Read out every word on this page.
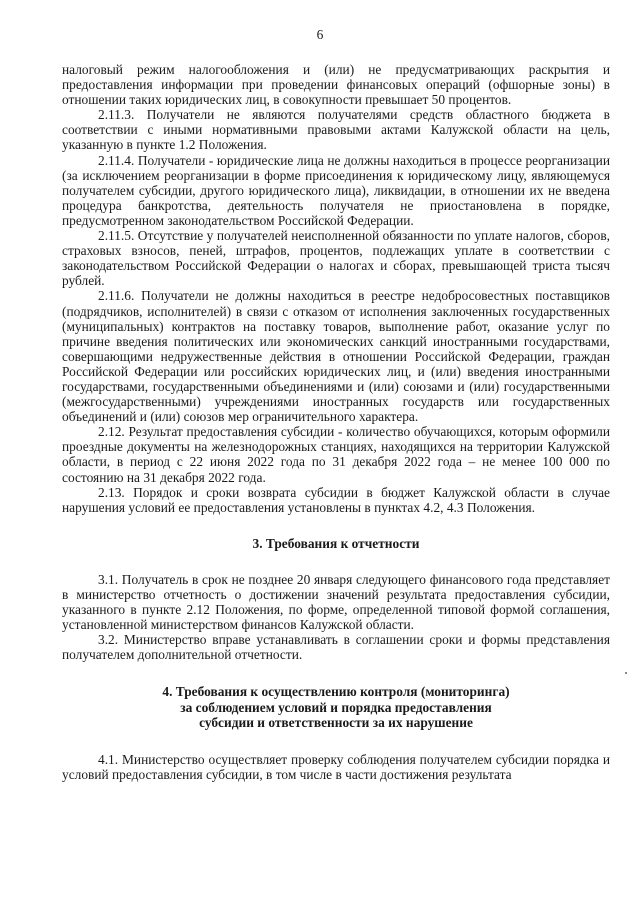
6

налоговый режим налогообложения и (или) не предусматривающих раскрытия и предоставления информации при проведении финансовых операций (офшорные зоны) в отношении таких юридических лиц, в совокупности превышает 50 процентов.

2.11.3. Получатели не являются получателями средств областного бюджета в соответствии с иными нормативными правовыми актами Калужской области на цель, указанную в пункте 1.2 Положения.

2.11.4. Получатели - юридические лица не должны находиться в процессе реорганизации (за исключением реорганизации в форме присоединения к юридическому лицу, являющемуся получателем субсидии, другого юридического лица), ликвидации, в отношении их не введена процедура банкротства, деятельность получателя не приостановлена в порядке, предусмотренном законодательством Российской Федерации.

2.11.5. Отсутствие у получателей неисполненной обязанности по уплате налогов, сборов, страховых взносов, пеней, штрафов, процентов, подлежащих уплате в соответствии с законодательством Российской Федерации о налогах и сборах, превышающей триста тысяч рублей.

2.11.6. Получатели не должны находиться в реестре недобросовестных поставщиков (подрядчиков, исполнителей) в связи с отказом от исполнения заключенных государственных (муниципальных) контрактов на поставку товаров, выполнение работ, оказание услуг по причине введения политических или экономических санкций иностранными государствами, совершающими недружественные действия в отношении Российской Федерации, граждан Российской Федерации или российских юридических лиц, и (или) введения иностранными государствами, государственными объединениями и (или) союзами и (или) государственными (межгосударственными) учреждениями иностранных государств или государственных объединений и (или) союзов мер ограничительного характера.

2.12. Результат предоставления субсидии - количество обучающихся, которым оформили проездные документы на железнодорожных станциях, находящихся на территории Калужской области, в период с 22 июня 2022 года по 31 декабря 2022 года – не менее 100 000 по состоянию на 31 декабря 2022 года.

2.13. Порядок и сроки возврата субсидии в бюджет Калужской области в случае нарушения условий ее предоставления установлены в пунктах 4.2, 4.3 Положения.

3. Требования к отчетности

3.1. Получатель в срок не позднее 20 января следующего финансового года представляет в министерство отчетность о достижении значений результата предоставления субсидии, указанного в пункте 2.12 Положения, по форме, определенной типовой формой соглашения, установленной министерством финансов Калужской области.

3.2. Министерство вправе устанавливать в соглашении сроки и формы представления получателем дополнительной отчетности.

4. Требования к осуществлению контроля (мониторинга)
за соблюдением условий и порядка предоставления
субсидии и ответственности за их нарушение

4.1. Министерство осуществляет проверку соблюдения получателем субсидии порядка и условий предоставления субсидии, в том числе в части достижения результата
